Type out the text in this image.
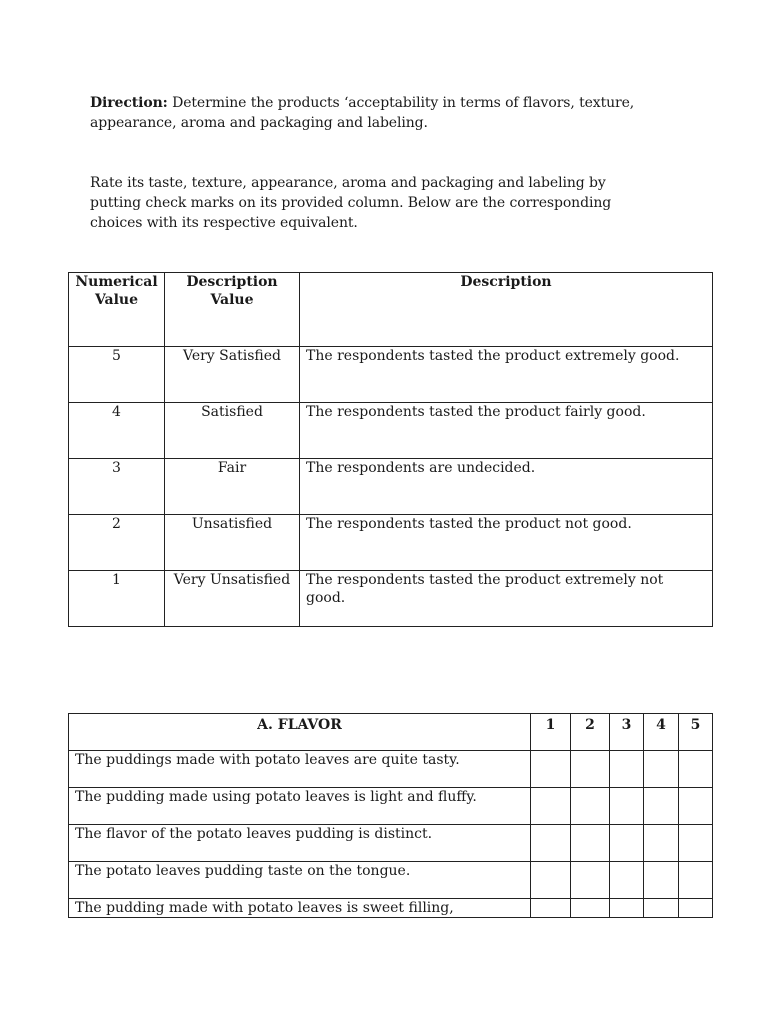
Direction: Determine the products ‘acceptability in terms of flavors, texture, appearance, aroma and packaging and labeling.
Rate its taste, texture, appearance, aroma and packaging and labeling by putting check marks on its provided column. Below are the corresponding choices with its respective equivalent.
Numerical Value	Description Value	Description

5	Very Satisfied	The respondents tasted the product extremely good.
4	Satisfied	The respondents tasted the product fairly good.
3	Fair	The respondents are undecided.
2	Unsatisfied	The respondents tasted the product not good.
1	Very Unsatisfied	The respondents tasted the product extremely not good.
A. FLAVOR	1	2	3	4	5

The puddings made with potato leaves are quite tasty.					
The pudding made using potato leaves is light and fluffy.					
The flavor of the potato leaves pudding is distinct.					
The potato leaves pudding taste on the tongue.					
The pudding made with potato leaves is sweet filling,					
